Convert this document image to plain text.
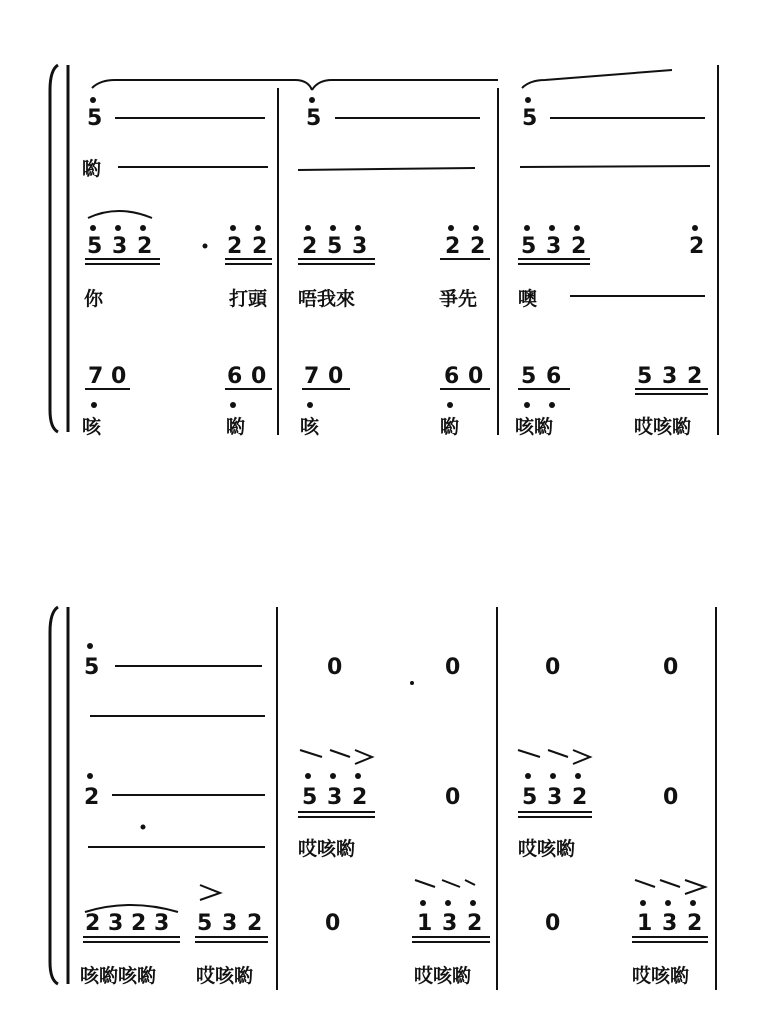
5	5	5
喲
5 3 2	2 2 2 5 3	2 2 5 3 2	2
你	打頭 唔我來	爭先 噢
7 0	6 0 7 0	6 0 5 6	5 3 2
咳	喲	咳	喲	咳喲	哎咳喲
5	0	0	0	0
2	5 3 2	0	5 3 2	0
哎咳喲	哎咳喲
2 3 2 3 5 3 2	0	1 3 2	0	1 3 2
咳喲咳喲 哎咳喲	哎咳喲	哎咳喲
